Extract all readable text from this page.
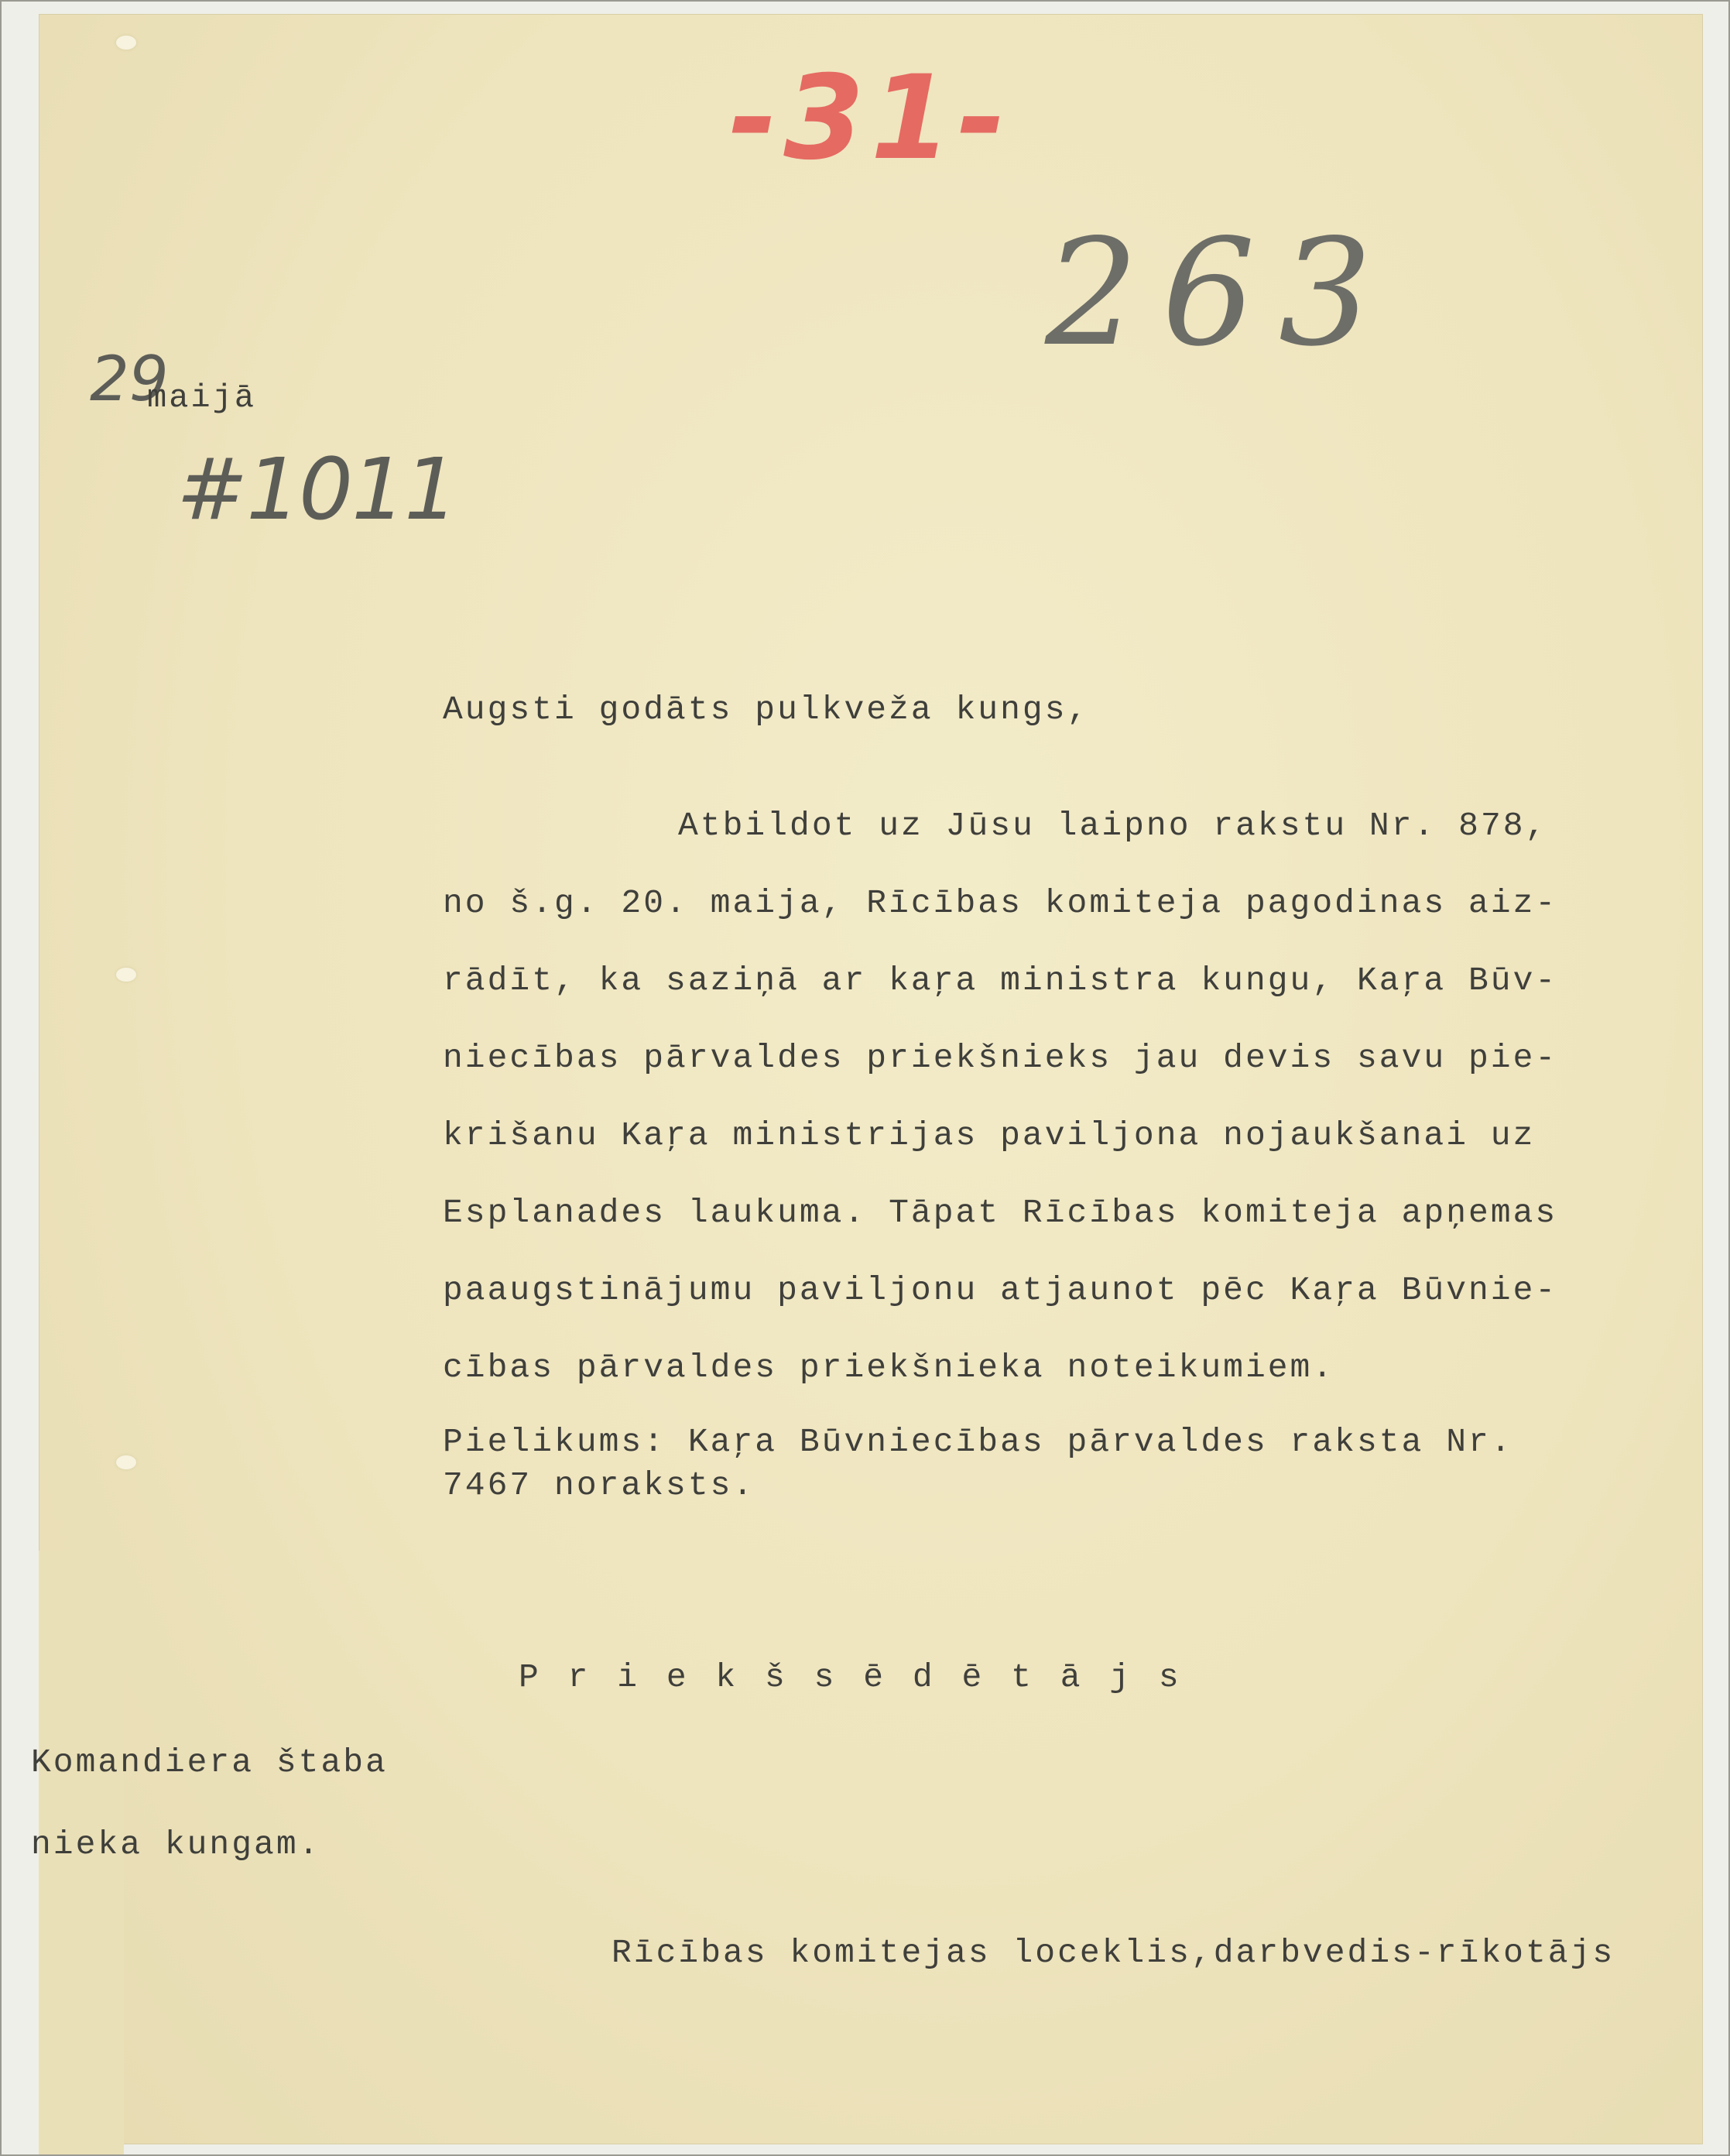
-31-
263
29
maijā
#1011
Augsti godāts pulkveža kungs,
Atbildot uz Jūsu laipno rakstu Nr. 878,
no š.g. 20. maija, Rīcības komiteja pagodinas aiz-
rādīt, ka saziņā ar kaŗa ministra kungu, Kaŗa Būv-
niecības pārvaldes priekšnieks jau devis savu pie-
krišanu Kaŗa ministrijas paviljona nojaukšanai uz
Esplanades laukuma. Tāpat Rīcības komiteja apņemas
paaugstinājumu paviljonu atjaunot pēc Kaŗa Būvnie-
cības pārvaldes priekšnieka noteikumiem.
Pielikums: Kaŗa Būvniecības pārvaldes raksta Nr.
7467 noraksts.
P r i e k š s ē d ē t ā j s
Komandiera štaba
nieka kungam.
Rīcības komitejas loceklis,darbvedis-rīkotājs
